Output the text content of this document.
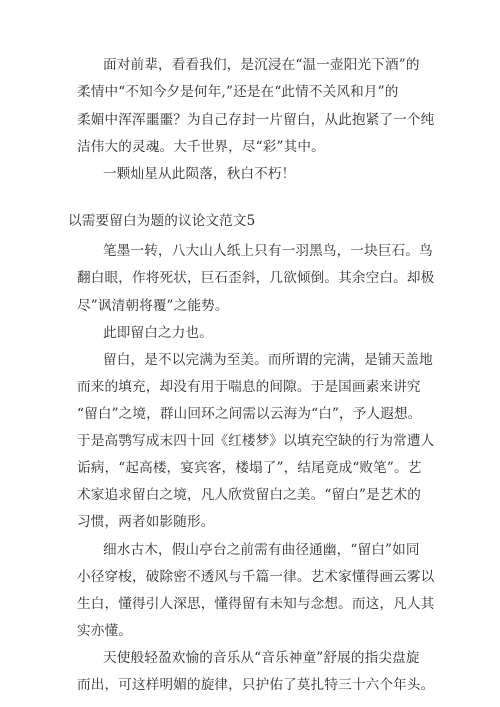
面对前辈，看看我们，是沉浸在“温一壶阳光下酒”的
柔情中“不知今夕是何年,”还是在“此情不关风和月”的
柔媚中浑浑噩噩？为自己存封一片留白，从此抱紧了一个纯
洁伟大的灵魂。大千世界，尽“彩”其中。
一颗灿星从此陨落，秋白不朽！
以需要留白为题的议论文范文5
笔墨一转，八大山人纸上只有一羽黑鸟，一块巨石。鸟
翻白眼，作将死状，巨石歪斜，几欲倾倒。其余空白。却极
尽”讽清朝将覆”之能势。
此即留白之力也。
留白，是不以完满为至美。而所谓的完满，是铺天盖地
而来的填充，却没有用于喘息的间隙。于是国画素来讲究
“留白”之境，群山回环之间需以云海为“白”，予人遐想。
于是高鹗写成末四十回《红楼梦》以填充空缺的行为常遭人
诟病，“起高楼，宴宾客，楼塌了”，结尾竟成“败笔”。艺
术家追求留白之境，凡人欣赏留白之美。“留白”是艺术的
习惯，两者如影随形。
细水古木，假山亭台之前需有曲径通幽，“留白”如同
小径穿梭，破除密不透风与千篇一律。艺术家懂得画云雾以
生白，懂得引人深思，懂得留有未知与念想。而这，凡人其
实亦懂。
天使般轻盈欢愉的音乐从“音乐神童”舒展的指尖盘旋
而出，可这样明媚的旋律，只护佑了莫扎特三十六个年头。
